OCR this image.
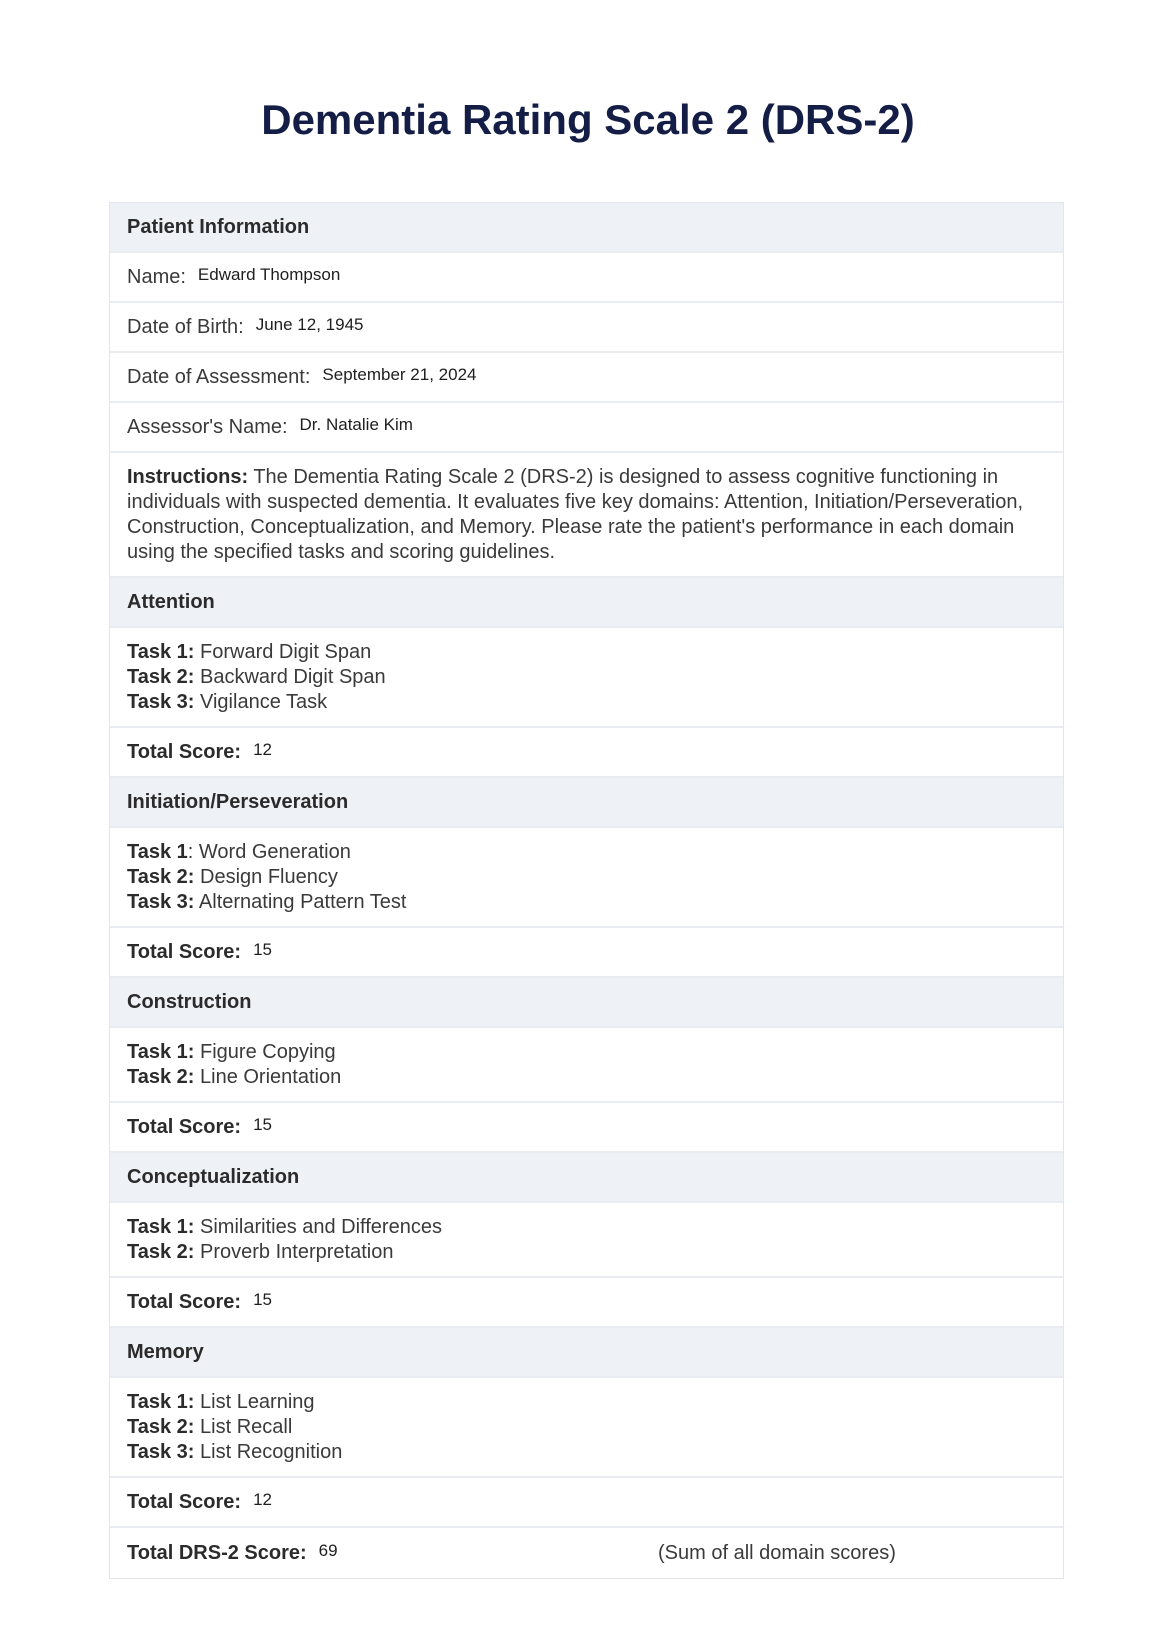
Dementia Rating Scale 2 (DRS-2)
Patient Information
Name: Edward Thompson
Date of Birth: June 12, 1945
Date of Assessment: September 21, 2024
Assessor's Name: Dr. Natalie Kim
Instructions: The Dementia Rating Scale 2 (DRS-2) is designed to assess cognitive functioning in individuals with suspected dementia. It evaluates five key domains: Attention, Initiation/Perseveration, Construction, Conceptualization, and Memory. Please rate the patient's performance in each domain using the specified tasks and scoring guidelines.
Attention
Task 1: Forward Digit Span
Task 2: Backward Digit Span
Task 3: Vigilance Task
Total Score: 12
Initiation/Perseveration
Task 1: Word Generation
Task 2: Design Fluency
Task 3: Alternating Pattern Test
Total Score: 15
Construction
Task 1: Figure Copying
Task 2: Line Orientation
Total Score: 15
Conceptualization
Task 1: Similarities and Differences
Task 2: Proverb Interpretation
Total Score: 15
Memory
Task 1: List Learning
Task 2: List Recall
Task 3: List Recognition
Total Score: 12
Total DRS-2 Score: 69	(Sum of all domain scores)
